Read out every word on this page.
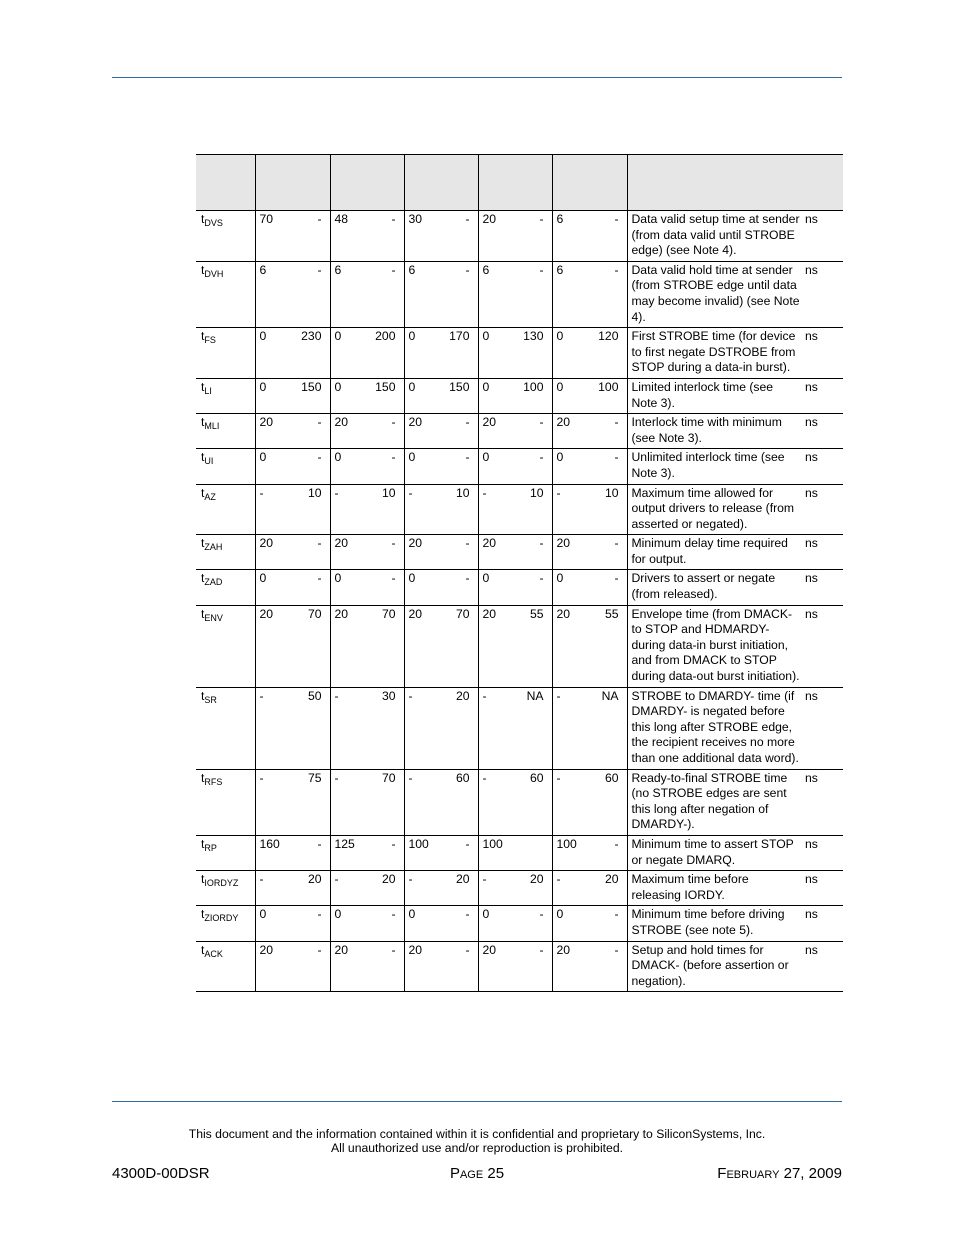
$t_{DVS}$	70	-	48	-	30	-	20	-	6	-	Data valid setup time at sender (from data valid until STROBE edge) (see Note 4).	ns
$t_{DVH}$	6	-	6	-	6	-	6	-	6	-	Data valid hold time at sender (from STROBE edge until data may become invalid) (see Note 4).	ns
$t_{FS}$	0	230	0	200	0	170	0	130	0	120	First STROBE time (for device to first negate DSTROBE from STOP during a data-in burst).	ns
$t_{LI}$	0	150	0	150	0	150	0	100	0	100	Limited interlock time (see Note 3).	ns
$t_{MLI}$	20	-	20	-	20	-	20	-	20	-	Interlock time with minimum (see Note 3).	ns
$t_{UI}$	0	-	0	-	0	-	0	-	0	-	Unlimited interlock time (see Note 3).	ns
$t_{AZ}$	-	10	-	10	-	10	-	10	-	10	Maximum time allowed for output drivers to release (from asserted or negated).	ns
$t_{ZAH}$	20	-	20	-	20	-	20	-	20	-	Minimum delay time required for output.	ns
$t_{ZAD}$	0	-	0	-	0	-	0	-	0	-	Drivers to assert or negate (from released).	ns
$t_{ENV}$	20	70	20	70	20	70	20	55	20	55	Envelope time (from DMACK- to STOP and HDMARDY- during data-in burst initiation, and from DMACK to STOP during data-out burst initiation).	ns
$t_{SR}$	-	50	-	30	-	20	-	NA	-	NA	STROBE to DMARDY- time (if DMARDY- is negated before this long after STROBE edge, the recipient receives no more than one additional data word).	ns
$t_{RFS}$	-	75	-	70	-	60	-	60	-	60	Ready-to-final STROBE time (no STROBE edges are sent this long after negation of DMARDY-).	ns
$t_{RP}$	160	-	125	-	100	-	100		100	-	Minimum time to assert STOP or negate DMARQ.	ns
$t_{IORDYZ}$	-	20	-	20	-	20	-	20	-	20	Maximum time before releasing IORDY.	ns
$t_{ZIORDY}$	0	-	0	-	0	-	0	-	0	-	Minimum time before driving STROBE (see note 5).	ns
$t_{ACK}$	20	-	20	-	20	-	20	-	20	-	Setup and hold times for DMACK- (before assertion or negation).	ns
This document and the information contained within it is confidential and proprietary to SiliconSystems, Inc.
All unauthorized use and/or reproduction is prohibited.
4300D-00DSR	Page 25	February 27, 2009
